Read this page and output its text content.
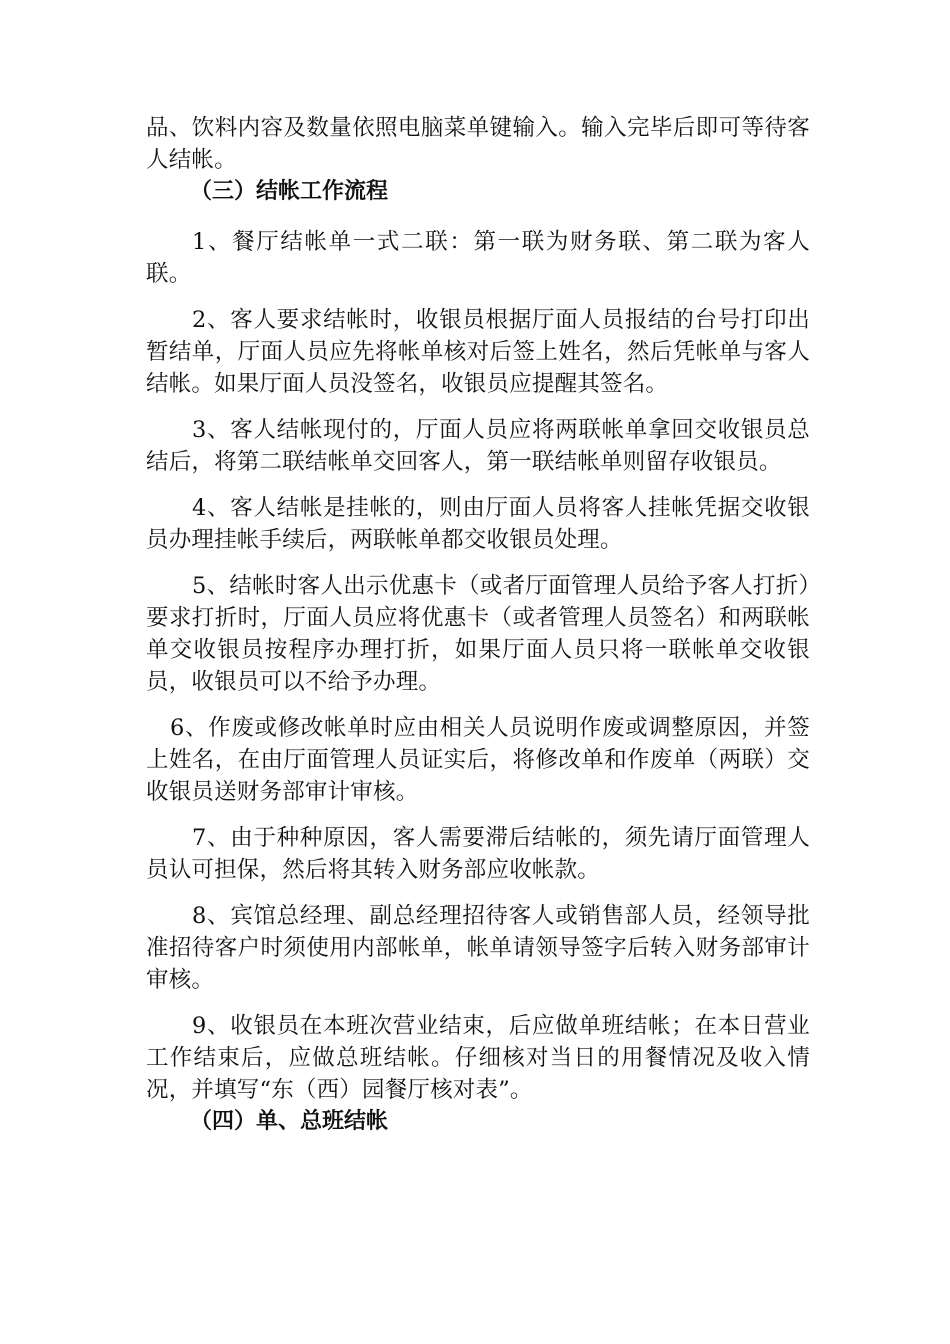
品、饮料内容及数量依照电脑菜单键输入。输入完毕后即可等待客人结帐。

（三）结帐工作流程

1、餐厅结帐单一式二联：第一联为财务联、第二联为客人联。

2、客人要求结帐时，收银员根据厅面人员报结的台号打印出暂结单，厅面人员应先将帐单核对后签上姓名，然后凭帐单与客人结帐。如果厅面人员没签名，收银员应提醒其签名。

3、客人结帐现付的，厅面人员应将两联帐单拿回交收银员总结后，将第二联结帐单交回客人，第一联结帐单则留存收银员。

4、客人结帐是挂帐的，则由厅面人员将客人挂帐凭据交收银员办理挂帐手续后，两联帐单都交收银员处理。

5、结帐时客人出示优惠卡（或者厅面管理人员给予客人打折）要求打折时，厅面人员应将优惠卡（或者管理人员签名）和两联帐单交收银员按程序办理打折，如果厅面人员只将一联帐单交收银员，收银员可以不给予办理。

6、作废或修改帐单时应由相关人员说明作废或调整原因，并签上姓名，在由厅面管理人员证实后，将修改单和作废单（两联）交收银员送财务部审计审核。

7、由于种种原因，客人需要滞后结帐的，须先请厅面管理人员认可担保，然后将其转入财务部应收帐款。

8、宾馆总经理、副总经理招待客人或销售部人员，经领导批准招待客户时须使用内部帐单，帐单请领导签字后转入财务部审计审核。

9、收银员在本班次营业结束，后应做单班结帐；在本日营业工作结束后，应做总班结帐。仔细核对当日的用餐情况及收入情况，并填写“东（西）园餐厅核对表”。

（四）单、总班结帐
